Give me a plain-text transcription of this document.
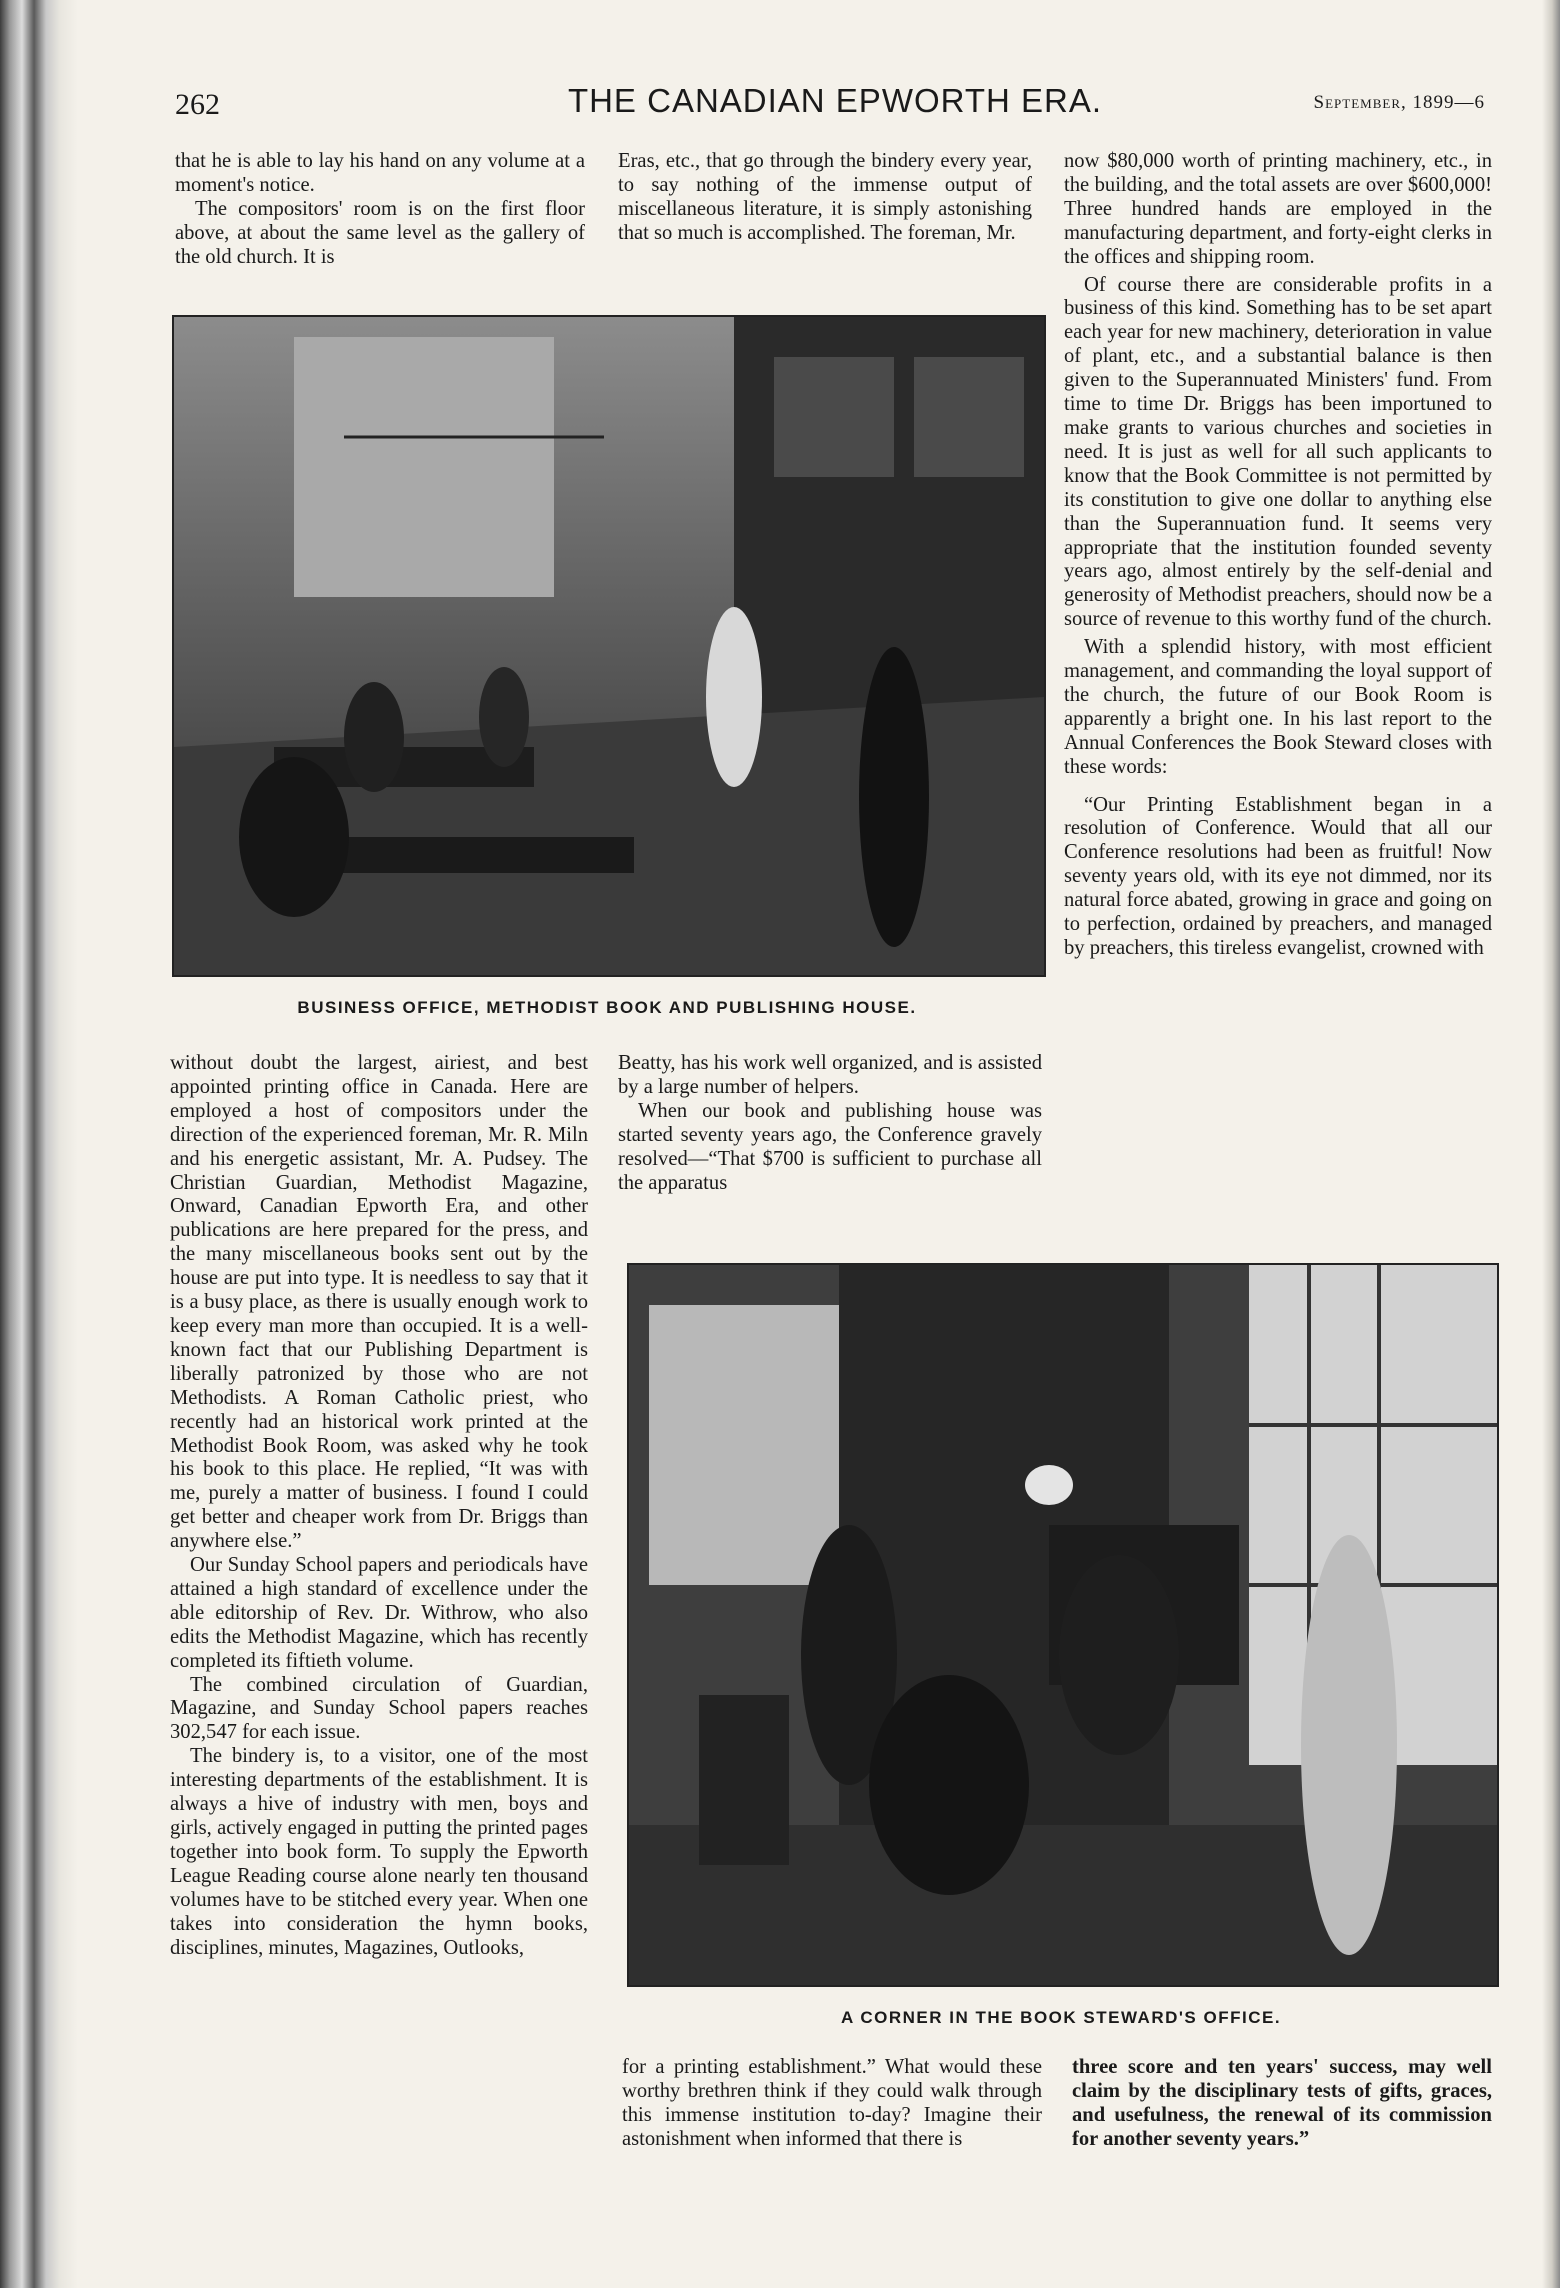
262	THE CANADIAN EPWORTH ERA.	September, 1899—6

that he is able to lay his hand on any volume at a moment's notice.

The compositors' room is on the first floor above, at about the same level as the gallery of the old church. It is

Eras, etc., that go through the bindery every year, to say nothing of the immense output of miscellaneous literature, it is simply astonishing that so much is accomplished. The foreman, Mr.

now $80,000 worth of printing machinery, etc., in the building, and the total assets are over $600,000! Three hundred hands are employed in the manufacturing department, and forty-eight clerks in the offices and shipping room.

Of course there are considerable profits in a business of this kind. Something has to be set apart each year for new machinery, deterioration in value of plant, etc., and a substantial balance is then given to the Superannuated Ministers' fund. From time to time Dr. Briggs has been importuned to make grants to various churches and societies in need. It is just as well for all such applicants to know that the Book Committee is not permitted by its constitution to give one dollar to anything else than the Superannuation fund. It seems very appropriate that the institution founded seventy years ago, almost entirely by the self-denial and generosity of Methodist preachers, should now be a source of revenue to this worthy fund of the church.

With a splendid history, with most efficient management, and commanding the loyal support of the church, the future of our Book Room is apparently a bright one. In his last report to the Annual Conferences the Book Steward closes with these words:

“Our Printing Establishment began in a resolution of Conference. Would that all our Conference resolutions had been as fruitful! Now seventy years old, with its eye not dimmed, nor its natural force abated, growing in grace and going on to perfection, ordained by preachers, and managed by preachers, this tireless evangelist, crowned with

BUSINESS OFFICE, METHODIST BOOK AND PUBLISHING HOUSE.

without doubt the largest, airiest, and best appointed printing office in Canada. Here are employed a host of compositors under the direction of the experienced foreman, Mr. R. Miln and his energetic assistant, Mr. A. Pudsey. The Christian Guardian, Methodist Magazine, Onward, Canadian Epworth Era, and other publications are here prepared for the press, and the many miscellaneous books sent out by the house are put into type. It is needless to say that it is a busy place, as there is usually enough work to keep every man more than occupied. It is a well-known fact that our Publishing Department is liberally patronized by those who are not Methodists. A Roman Catholic priest, who recently had an historical work printed at the Methodist Book Room, was asked why he took his book to this place. He replied, “It was with me, purely a matter of business. I found I could get better and cheaper work from Dr. Briggs than anywhere else.”

Our Sunday School papers and periodicals have attained a high standard of excellence under the able editorship of Rev. Dr. Withrow, who also edits the Methodist Magazine, which has recently completed its fiftieth volume.

The combined circulation of Guardian, Magazine, and Sunday School papers reaches 302,547 for each issue.

The bindery is, to a visitor, one of the most interesting departments of the establishment. It is always a hive of industry with men, boys and girls, actively engaged in putting the printed pages together into book form. To supply the Epworth League Reading course alone nearly ten thousand volumes have to be stitched every year. When one takes into consideration the hymn books, disciplines, minutes, Magazines, Outlooks,

Beatty, has his work well organized, and is assisted by a large number of helpers.

When our book and publishing house was started seventy years ago, the Conference gravely resolved—“That $700 is sufficient to purchase all the apparatus

A CORNER IN THE BOOK STEWARD'S OFFICE.

for a printing establishment.” What would these worthy brethren think if they could walk through this immense institution to-day? Imagine their astonishment when informed that there is

three score and ten years' success, may well claim by the disciplinary tests of gifts, graces, and usefulness, the renewal of its commission for another seventy years.”
